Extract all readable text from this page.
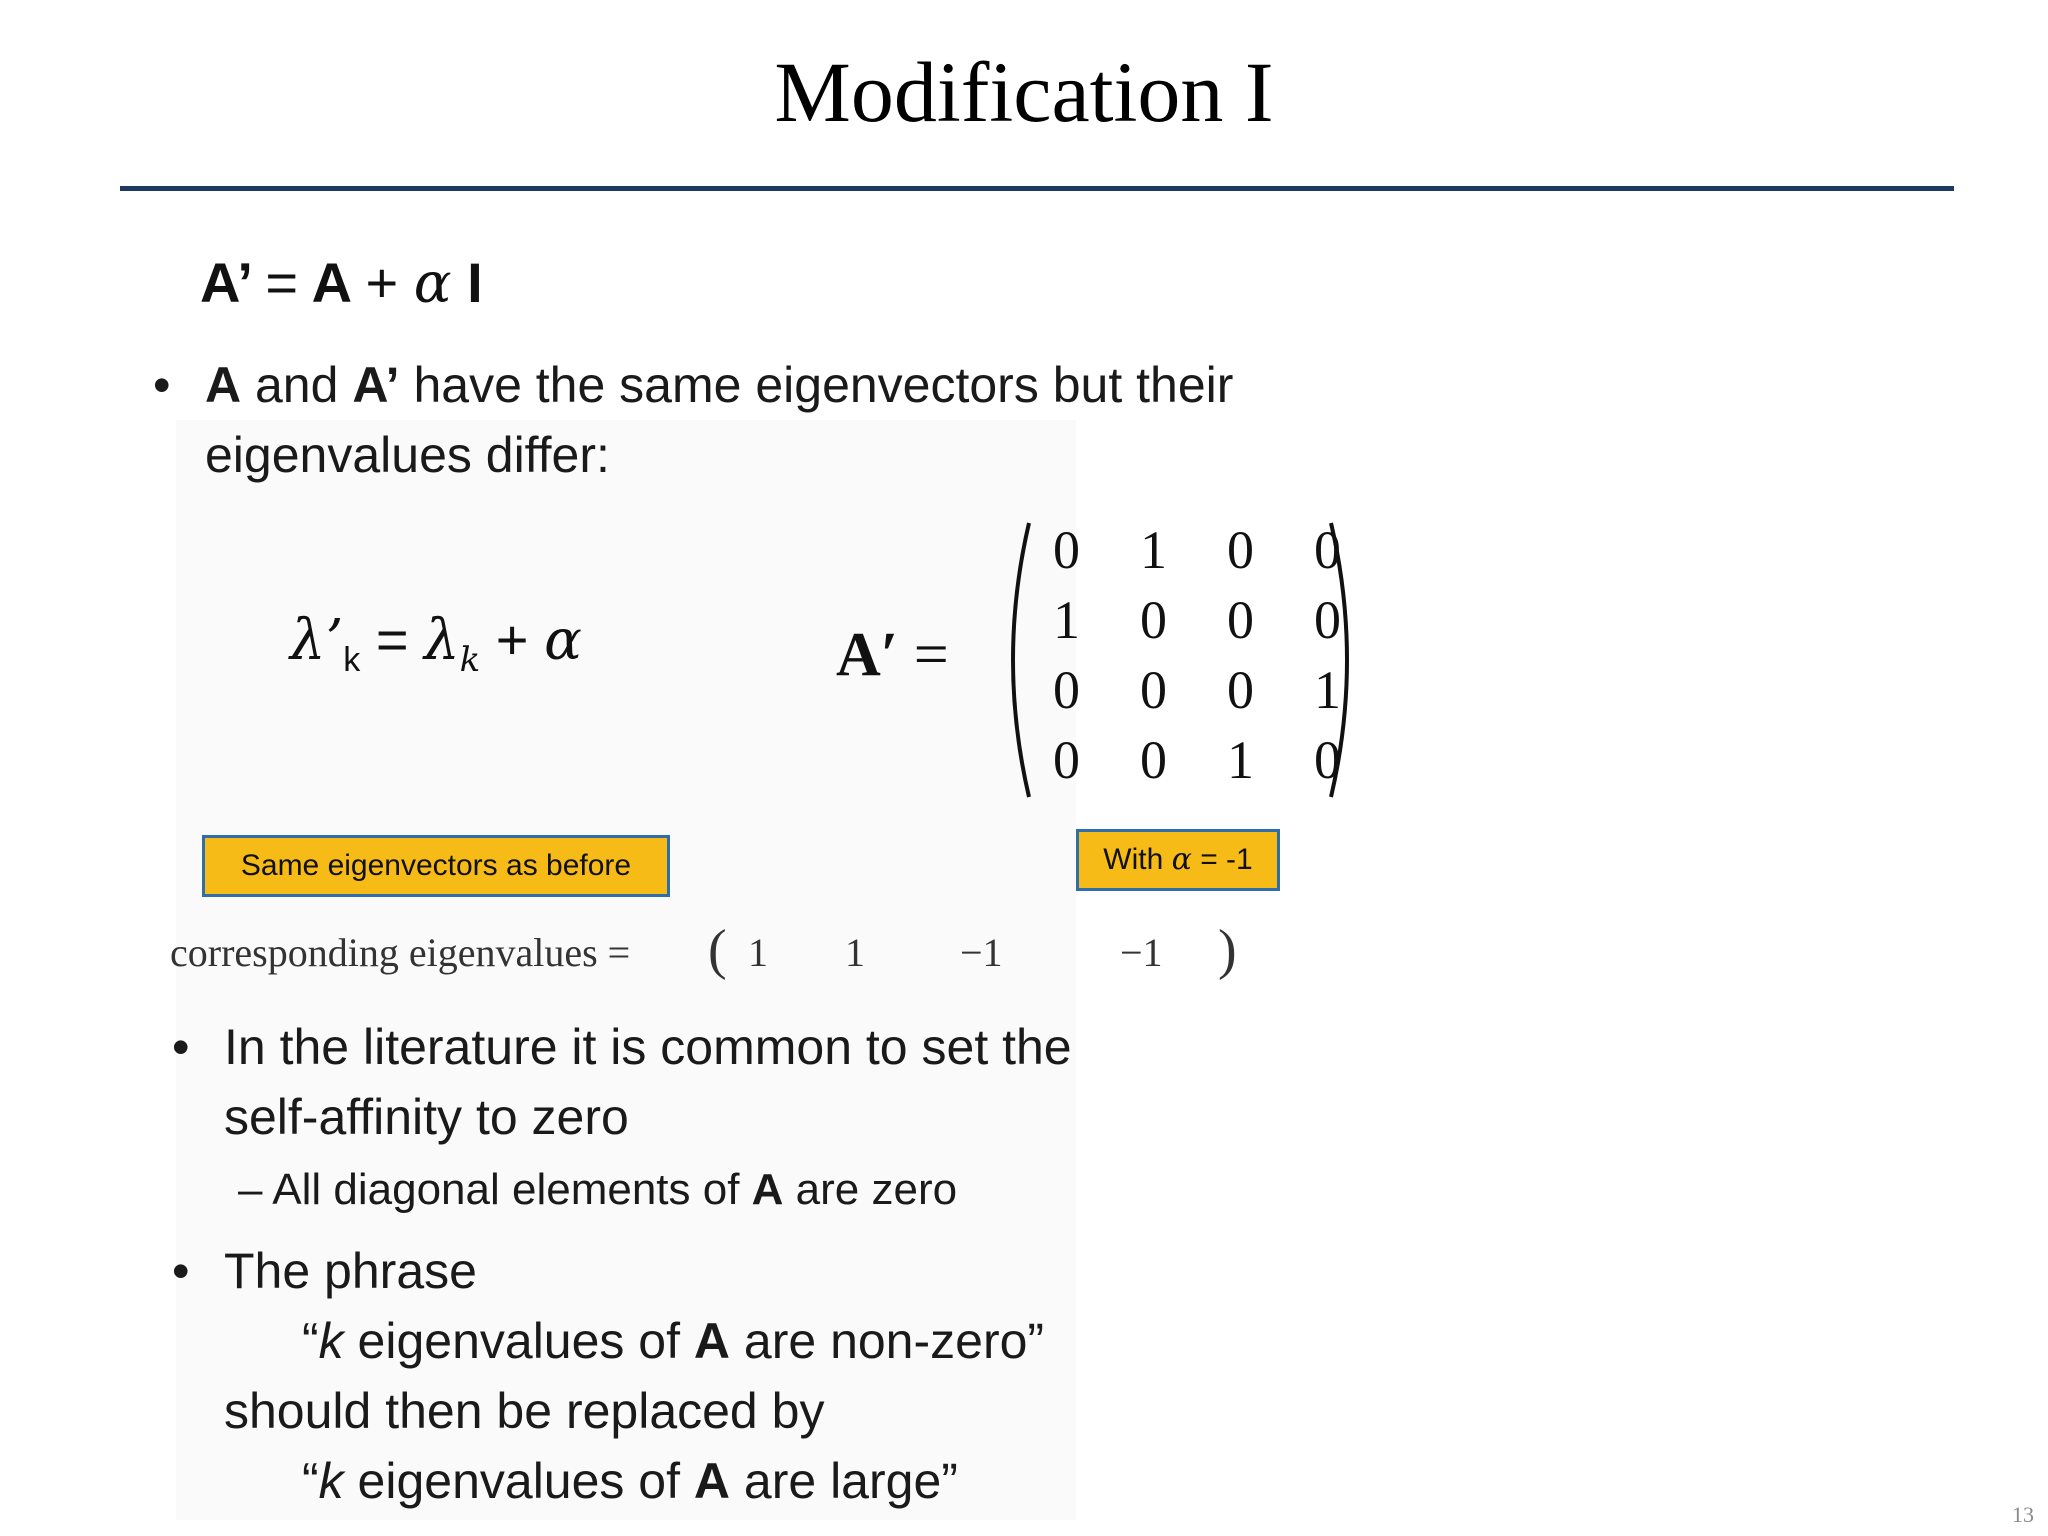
Modification I
A’ = A + α I
• A and A’ have the same eigenvectors but their
eigenvalues differ:
$\lambda’_k = \lambda_k + \alpha$	A′ =
0	1	0	0
1	0	0	0
0	0	0	1
0	0	1	0
Same eigenvectors as before	With α = -1
corresponding eigenvalues = ( 1 1 −1	−1 )
• In the literature it is common to set the
self-affinity to zero
– All diagonal elements of A are zero
• The phrase
“k eigenvalues of A are non-zero”
should then be replaced by
“k eigenvalues of A are large”
13
